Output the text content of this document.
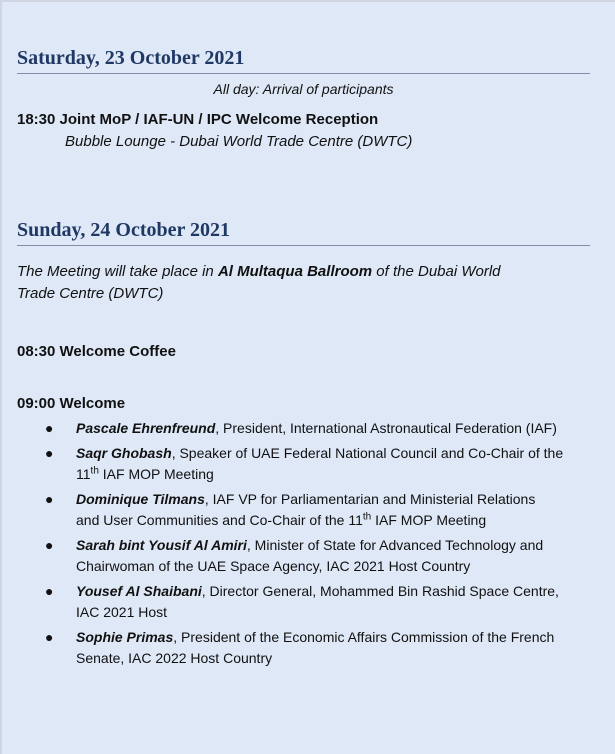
Saturday, 23 October 2021
All day: Arrival of participants
18:30 Joint MoP / IAF-UN / IPC Welcome Reception
Bubble Lounge - Dubai World Trade Centre (DWTC)
Sunday, 24 October 2021
The Meeting will take place in Al Multaqua Ballroom of the Dubai World
Trade Centre (DWTC)
08:30 Welcome Coffee
09:00 Welcome
● Pascale Ehrenfreund, President, International Astronautical Federation (IAF)
● Saqr Ghobash, Speaker of UAE Federal National Council and Co-Chair of the
11th IAF MOP Meeting
● Dominique Tilmans, IAF VP for Parliamentarian and Ministerial Relations
and User Communities and Co-Chair of the 11th IAF MOP Meeting
● Sarah bint Yousif Al Amiri, Minister of State for Advanced Technology and
Chairwoman of the UAE Space Agency, IAC 2021 Host Country
● Yousef Al Shaibani, Director General, Mohammed Bin Rashid Space Centre,
IAC 2021 Host
● Sophie Primas, President of the Economic Affairs Commission of the French
Senate, IAC 2022 Host Country
